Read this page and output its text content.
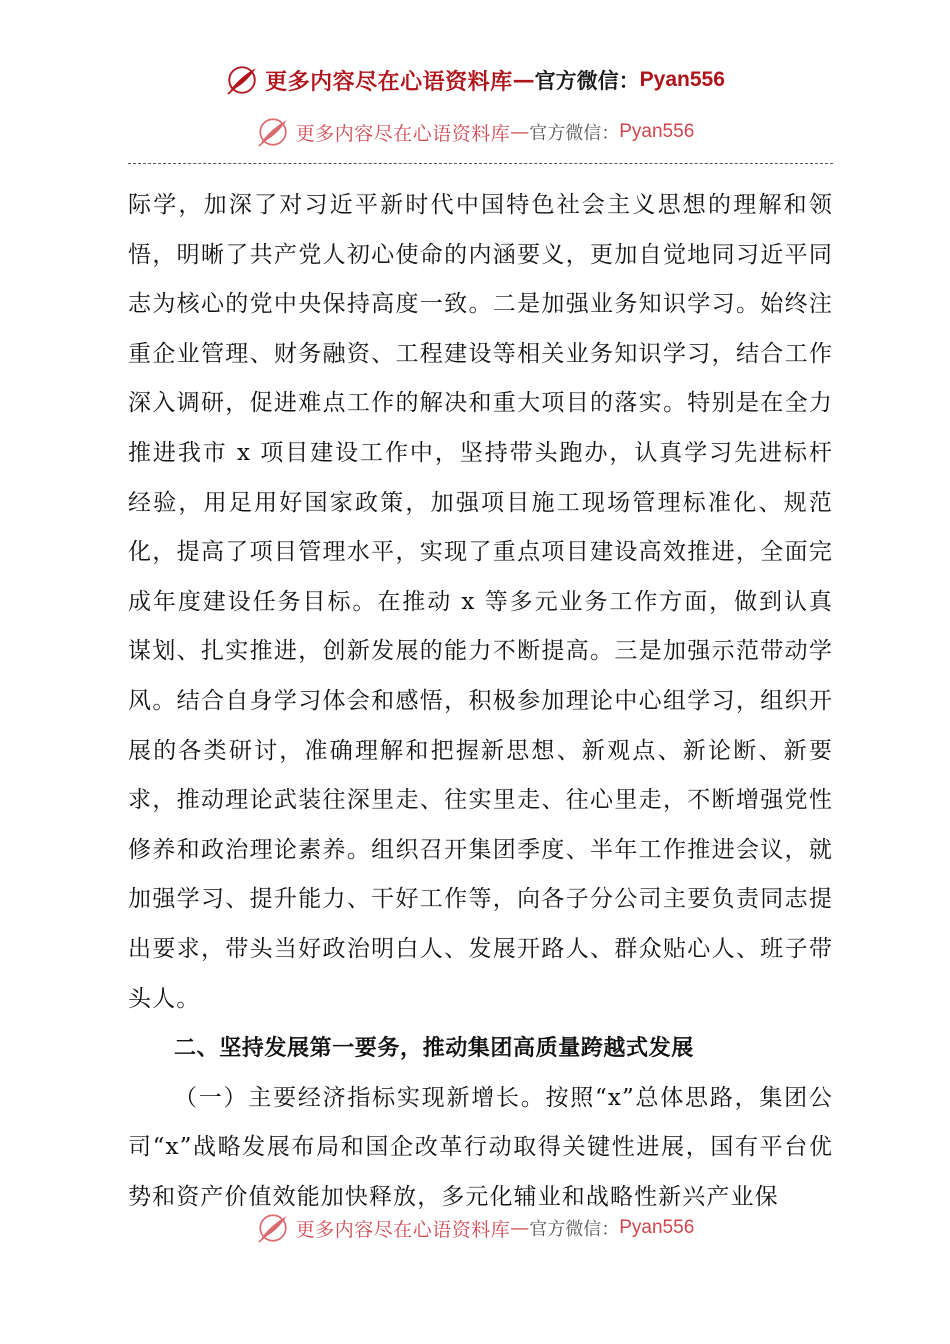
更多内容尽在心语资料库 — 官方微信： Pyan556
更多内容尽在心语资料库 — 官方微信： Pyan556

际学，加深了对习近平新时代中国特色社会主义思想的理解和领悟，明晰了共产党人初心使命的内涵要义，更加自觉地同习近平同志为核心的党中央保持高度一致。二是加强业务知识学习。始终注重企业管理、财务融资、工程建设等相关业务知识学习，结合工作深入调研，促进难点工作的解决和重大项目的落实。特别是在全力推进我市 x 项目建设工作中，坚持带头跑办，认真学习先进标杆经验，用足用好国家政策，加强项目施工现场管理标准化、规范化，提高了项目管理水平，实现了重点项目建设高效推进，全面完成年度建设任务目标。在推动 x 等多元业务工作方面，做到认真谋划、扎实推进，创新发展的能力不断提高。三是加强示范带动学风。结合自身学习体会和感悟，积极参加理论中心组学习，组织开展的各类研讨，准确理解和把握新思想、新观点、新论断、新要求，推动理论武装往深里走、往实里走、往心里走，不断增强党性修养和政治理论素养。组织召开集团季度、半年工作推进会议，就加强学习、提升能力、干好工作等，向各子分公司主要负责同志提出要求，带头当好政治明白人、发展开路人、群众贴心人、班子带头人。

二、坚持发展第一要务，推动集团高质量跨越式发展

（一）主要经济指标实现新增长。按照“x”总体思路，集团公司“x”战略发展布局和国企改革行动取得关键性进展，国有平台优势和资产价值效能加快释放，多元化辅业和战略性新兴产业保

更多内容尽在心语资料库 — 官方微信： Pyan556
